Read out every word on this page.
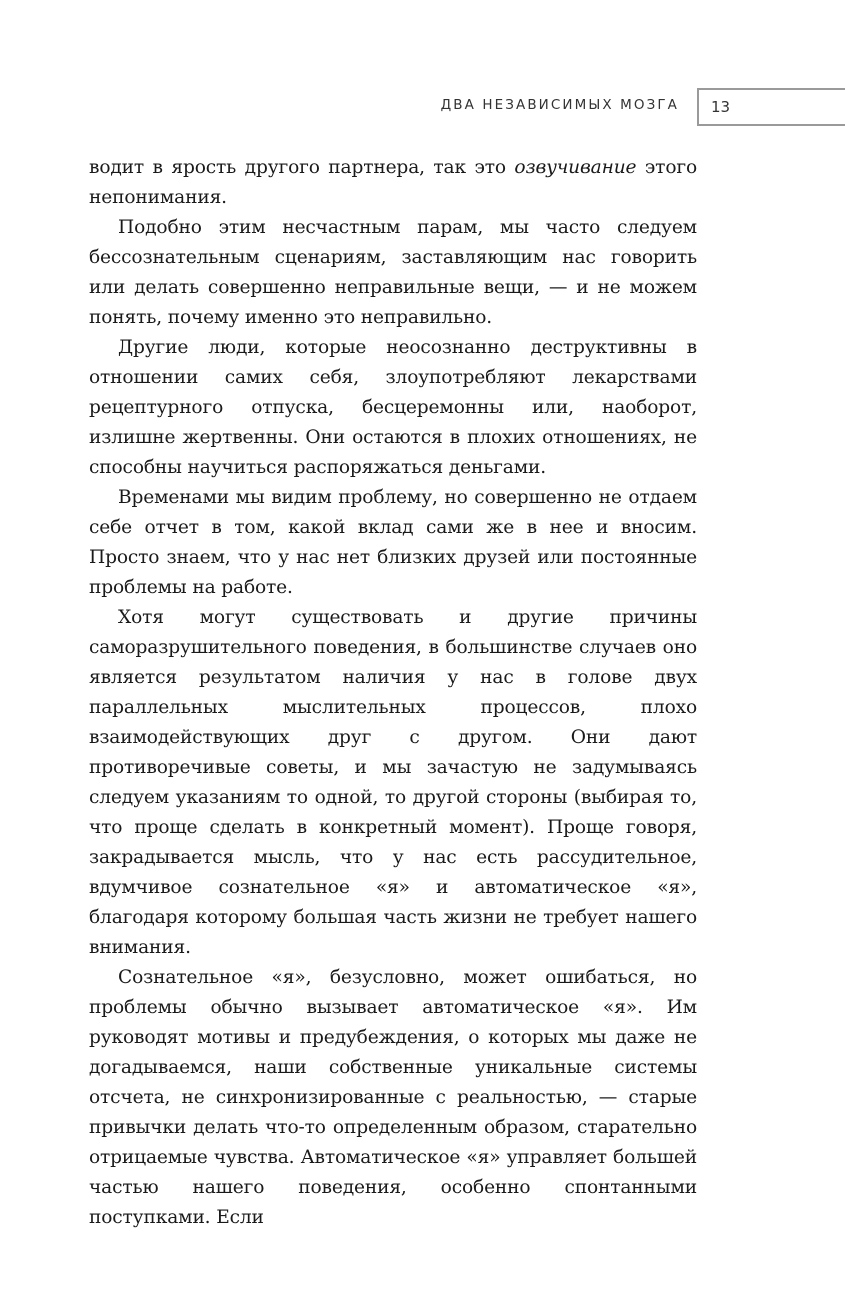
ДВА НЕЗАВИСИМЫХ МОЗГА 13

водит в ярость другого партнера, так это озвучивание этого непонимания.

Подобно этим несчастным парам, мы часто следуем бессознательным сценариям, заставляющим нас говорить или делать совершенно неправильные вещи, — и не можем понять, почему именно это неправильно.

Другие люди, которые неосознанно деструктивны в отношении самих себя, злоупотребляют лекарствами рецептурного отпуска, бесцеремонны или, наоборот, излишне жертвенны. Они остаются в плохих отношениях, не способны научиться распоряжаться деньгами.

Временами мы видим проблему, но совершенно не отдаем себе отчет в том, какой вклад сами же в нее и вносим. Просто знаем, что у нас нет близких друзей или постоянные проблемы на работе.

Хотя могут существовать и другие причины саморазрушительного поведения, в большинстве случаев оно является результатом наличия у нас в голове двух параллельных мыслительных процессов, плохо взаимодействующих друг с другом. Они дают противоречивые советы, и мы зачастую не задумываясь следуем указаниям то одной, то другой стороны (выбирая то, что проще сделать в конкретный момент). Проще говоря, закрадывается мысль, что у нас есть рассудительное, вдумчивое сознательное «я» и автоматическое «я», благодаря которому большая часть жизни не требует нашего внимания.

Сознательное «я», безусловно, может ошибаться, но проблемы обычно вызывает автоматическое «я». Им руководят мотивы и предубеждения, о которых мы даже не догадываемся, наши собственные уникальные системы отсчета, не синхронизированные с реальностью, — старые привычки делать что-то определенным образом, старательно отрицаемые чувства. Автоматическое «я» управляет большей частью нашего поведения, особенно спонтанными поступками. Если
